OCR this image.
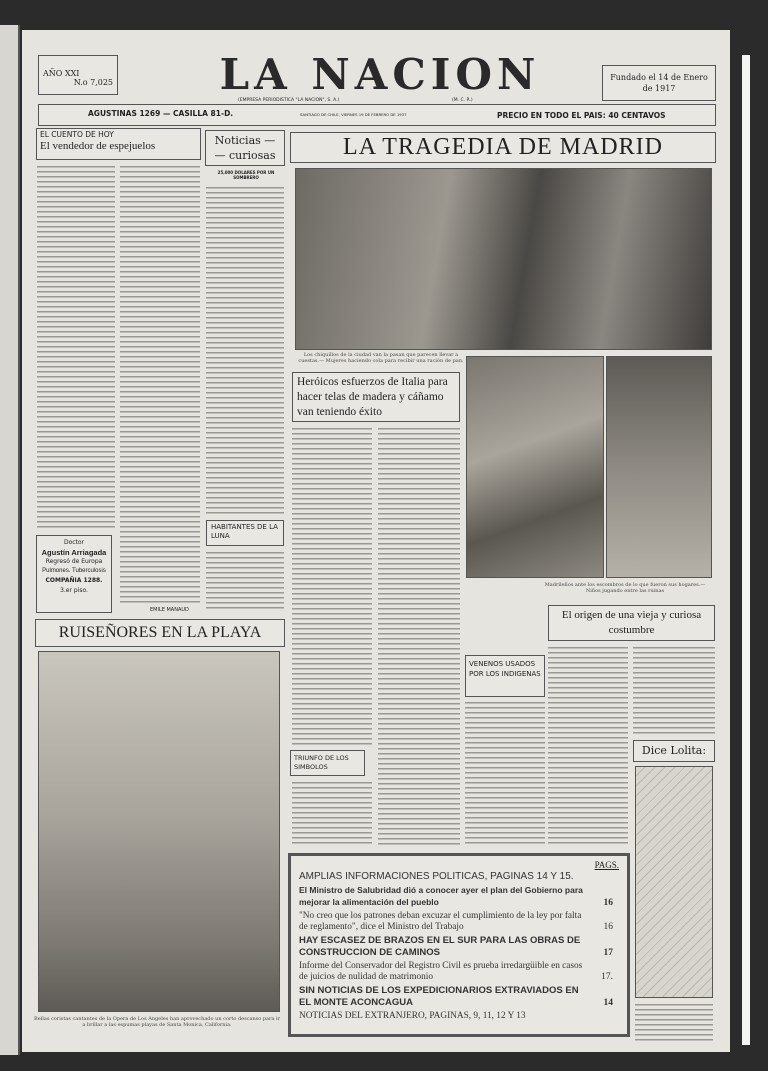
AÑO XXI
N.o 7,025	LA NACION
(EMPRESA PERIODISTICA "LA NACION", S. A.)	(M. C. R.)
Fundado el 14 de Enero de 1917
AGUSTINAS 1269 — CASILLA 81-D.	SANTIAGO DE CHILE, VIERNES 19 DE FEBRERO DE 1937	PRECIO EN TODO EL PAIS: 40 CENTAVOS
EL CUENTO DE HOY
El vendedor de espejuelos
EMILE MANAUD
Doctor
Agustín Arriagada
Regresó de Europa
Pulmones. Tuberculosis
COMPAÑIA 1288.
3.er piso.
Noticias —
— curiosas
25,000 DOLARES POR UN SOMBRERO
HABITANTES DE LA LUNA
LA TRAGEDIA DE MADRID
Los chiquillos de la ciudad van la pasan que parecen llevar a cuestas.— Mujeres haciendo cola para recibir una ración de pan.
Heróicos esfuerzos de Italia para hacer telas de madera y cáñamo van teniendo éxito
Madrileños ante los escombros de lo que fueron sus hogares.— Niños jugando entre las ruinas
El origen de una vieja y curiosa costumbre
Dice Lolita:
VENENOS USADOS POR LOS INDIGENAS
TRIUNFO DE LOS SIMBOLOS
RUISEÑORES EN LA PLAYA
Bellas coristas cantantes de la Opera de Los Angeles han aprovechado un corto descanso para ir a brillar a las espumas playas de Santa Monica, California.
PAGS.
AMPLIAS INFORMACIONES POLITICAS, PAGINAS 14 Y 15.
El Ministro de Salubridad dió a conocer ayer el plan del Gobierno para mejorar la alimentación del pueblo	16
"No creo que los patrones deban excuzar el cumplimiento de la ley por falta de reglamento", dice el Ministro del Trabajo	16
HAY ESCASEZ DE BRAZOS EN EL SUR PARA LAS OBRAS DE CONSTRUCCION DE CAMINOS	17
Informe del Conservador del Registro Civil es prueba irredargüible en casos de juicios de nulidad de matrimonio	17.
SIN NOTICIAS DE LOS EXPEDICIONARIOS EXTRAVIADOS EN EL MONTE ACONCAGUA	14
NOTICIAS DEL EXTRANJERO, PAGINAS, 9, 11, 12 Y 13
